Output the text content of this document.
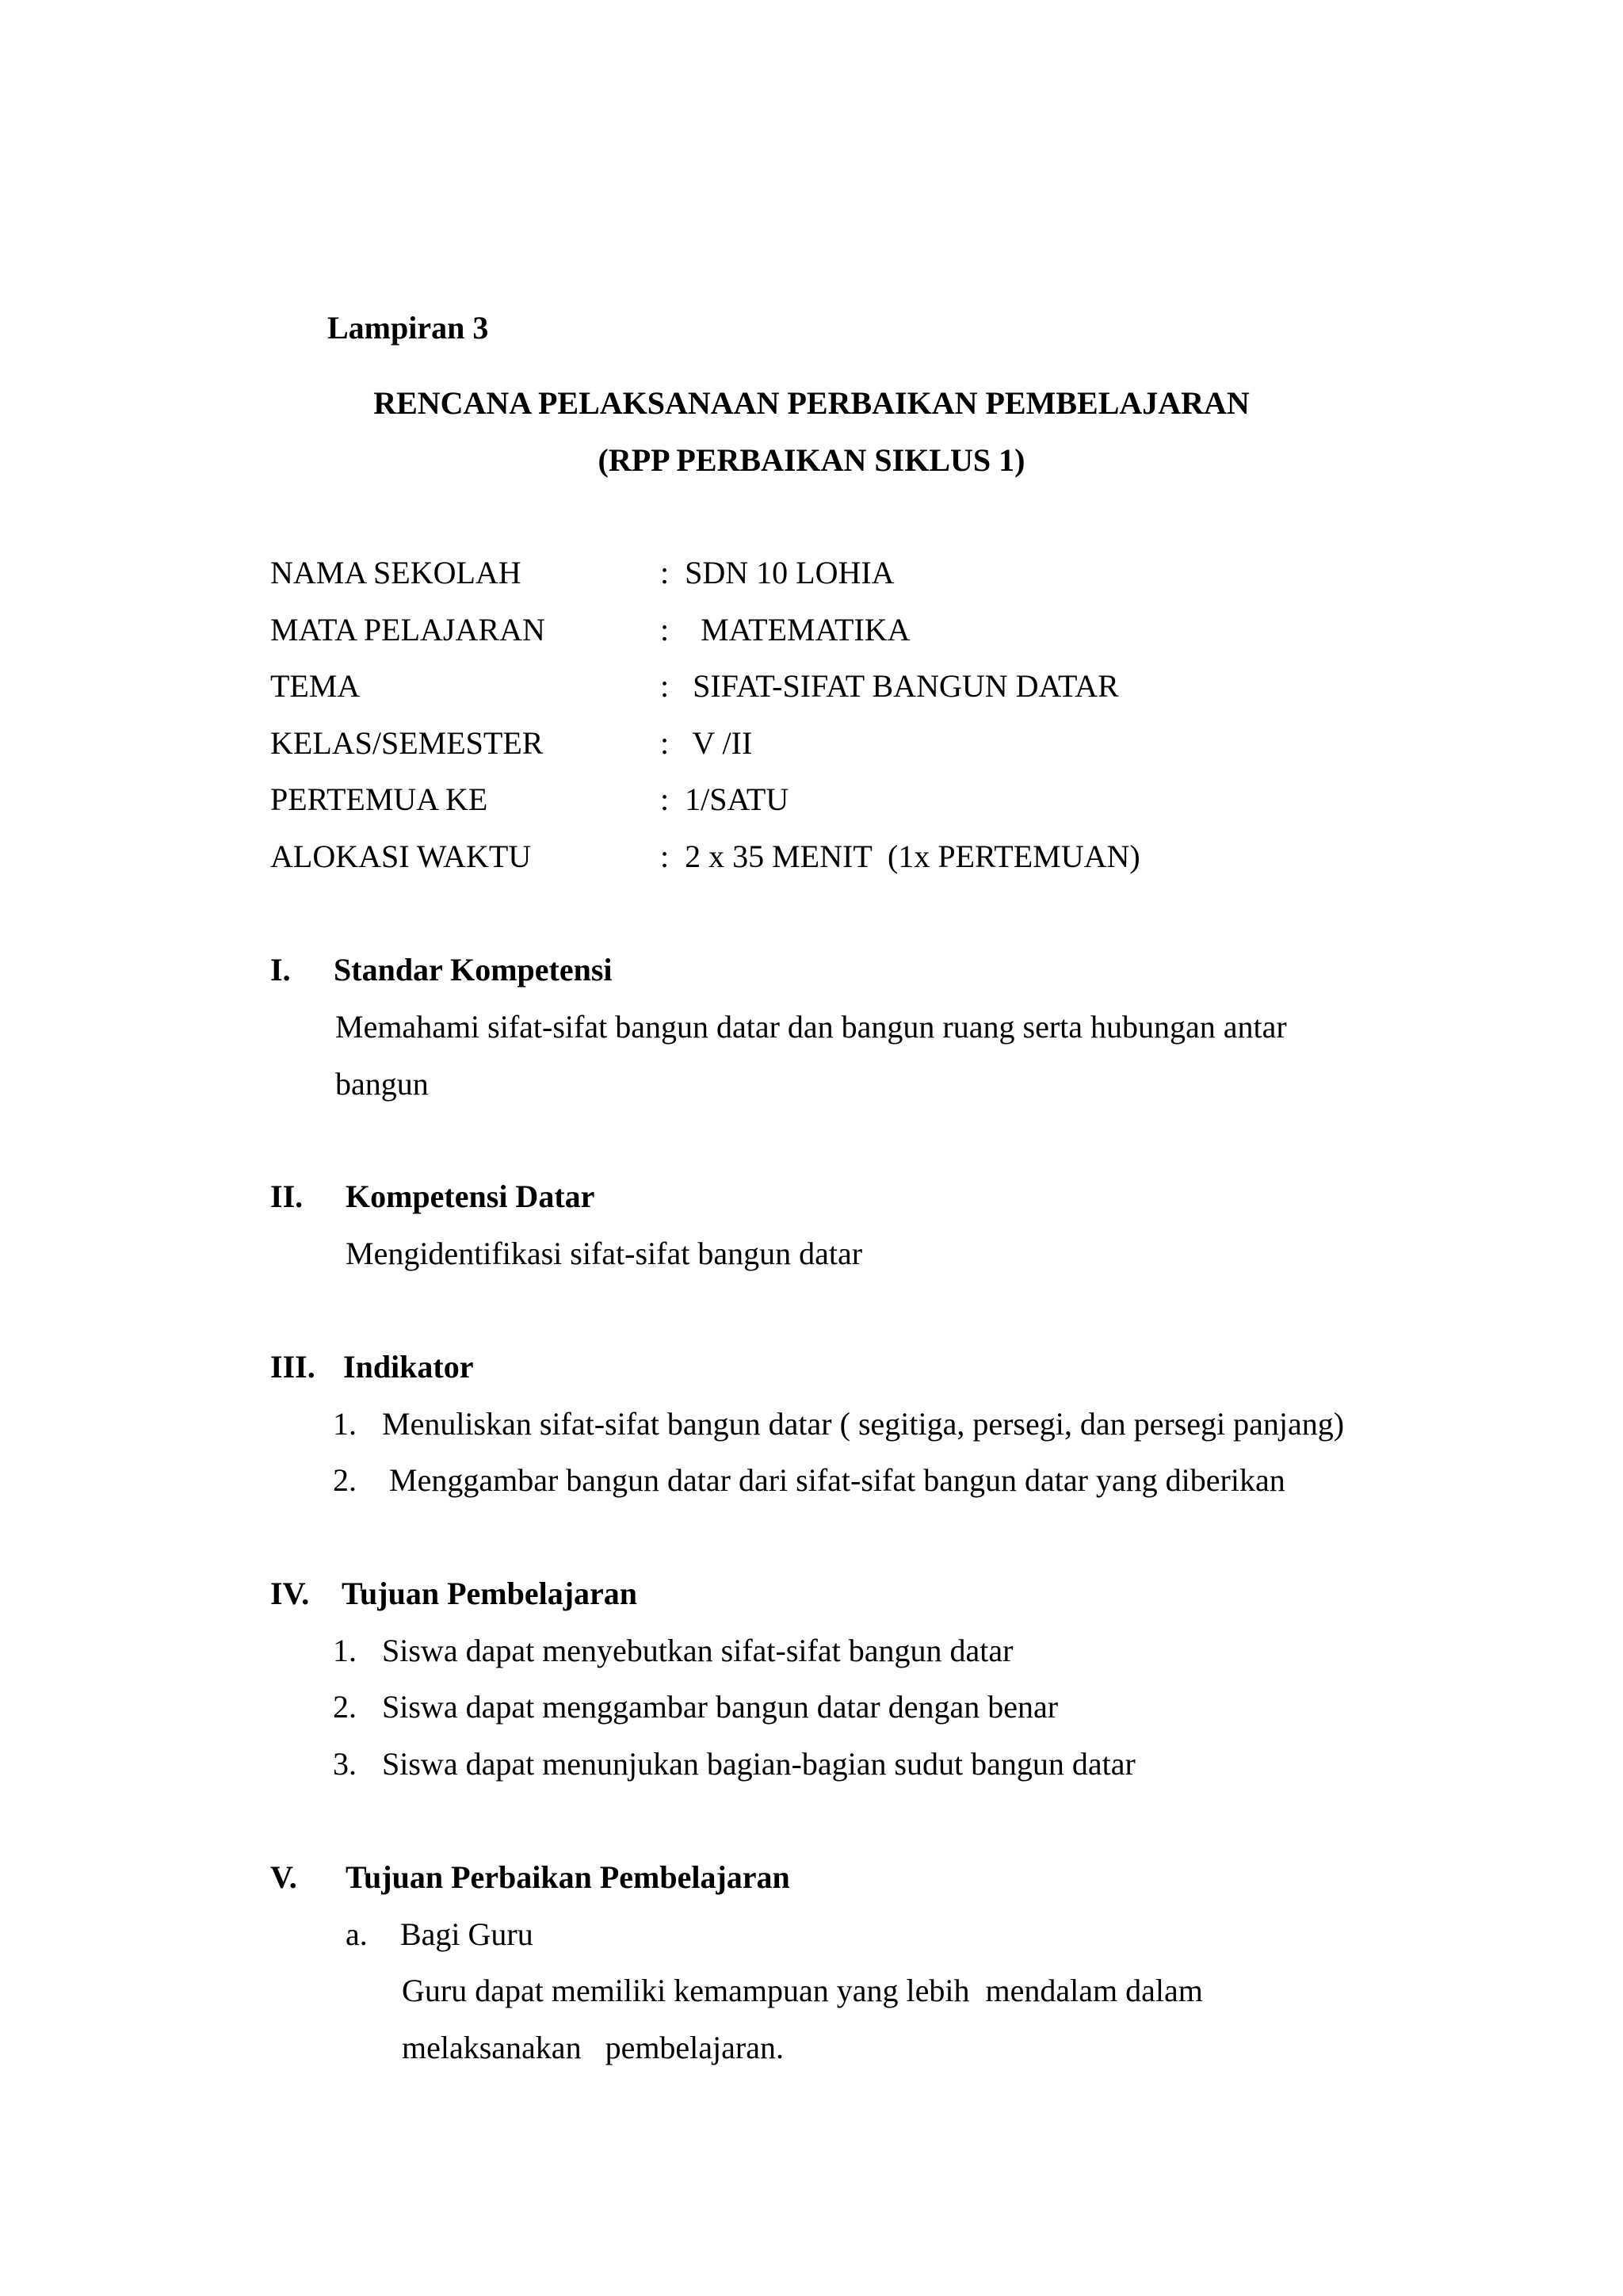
Lampiran 3
RENCANA PELAKSANAAN PERBAIKAN PEMBELAJARAN
(RPP PERBAIKAN SIKLUS 1)
NAMA SEKOLAH	:  SDN 10 LOHIA
MATA PELAJARAN	:    MATEMATIKA
TEMA	:   SIFAT-SIFAT BANGUN DATAR
KELAS/SEMESTER	:   V /II
PERTEMUA KE	:  1/SATU
ALOKASI WAKTU	:  2 x 35 MENIT  (1x PERTEMUAN)
I. Standar Kompetensi
Memahami sifat-sifat bangun datar dan bangun ruang serta hubungan antar
bangun
II. Kompetensi Datar
Mengidentifikasi sifat-sifat bangun datar
III. Indikator
1. Menuliskan sifat-sifat bangun datar ( segitiga, persegi, dan persegi panjang)
2. Menggambar bangun datar dari sifat-sifat bangun datar yang diberikan
IV. Tujuan Pembelajaran
1. Siswa dapat menyebutkan sifat-sifat bangun datar
2. Siswa dapat menggambar bangun datar dengan benar
3. Siswa dapat menunjukan bagian-bagian sudut bangun datar
V. Tujuan Perbaikan Pembelajaran
a. Bagi Guru
Guru dapat memiliki kemampuan yang lebih  mendalam dalam
melaksanakan   pembelajaran.
